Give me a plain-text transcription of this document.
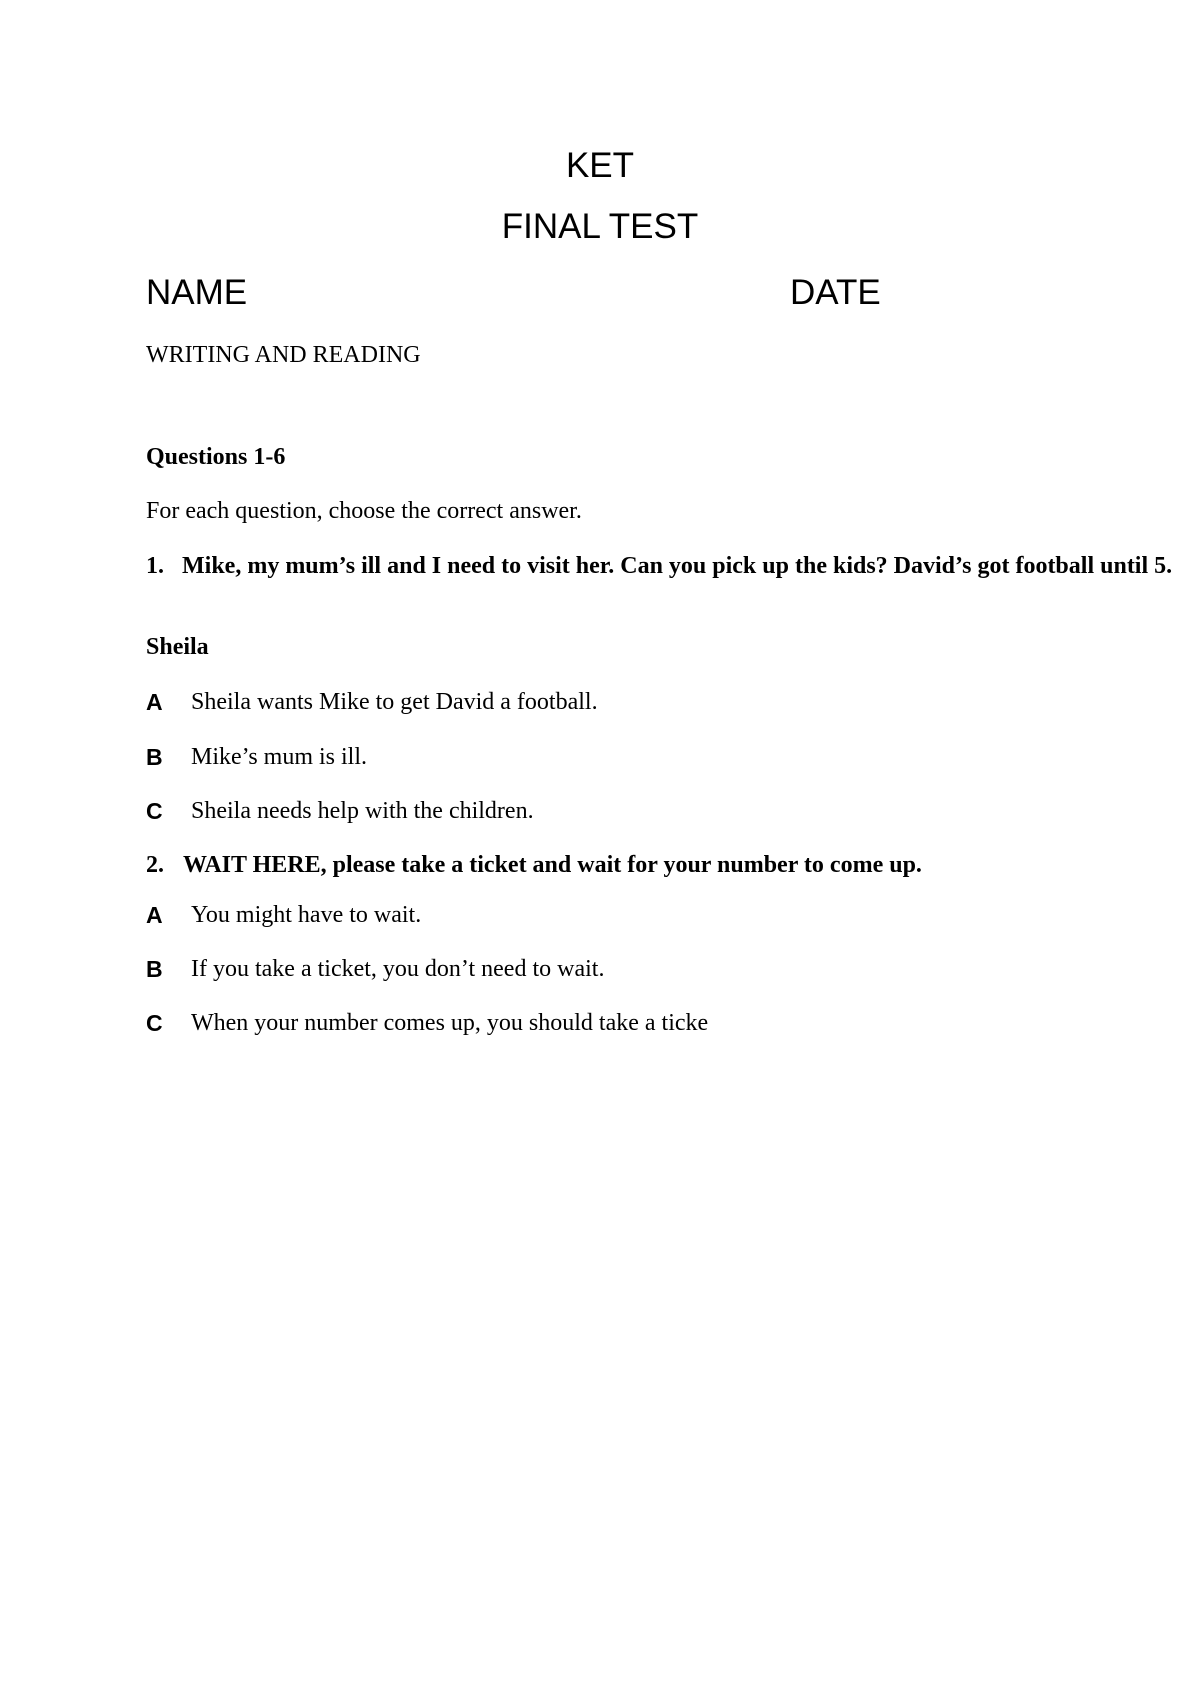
KET
FINAL TEST
NAME	DATE
WRITING AND READING
Questions 1-6
For each question, choose the correct answer.
1. Mike, my mum’s ill and I need to visit her. Can you pick up the kids? David’s got football until 5.
Sheila
A Sheila wants Mike to get David a football.
B Mike’s mum is ill.
C Sheila needs help with the children.
2. WAIT HERE, please take a ticket and wait for your number to come up.
A You might have to wait.
B If you take a ticket, you don’t need to wait.
C When your number comes up, you should take a ticke
